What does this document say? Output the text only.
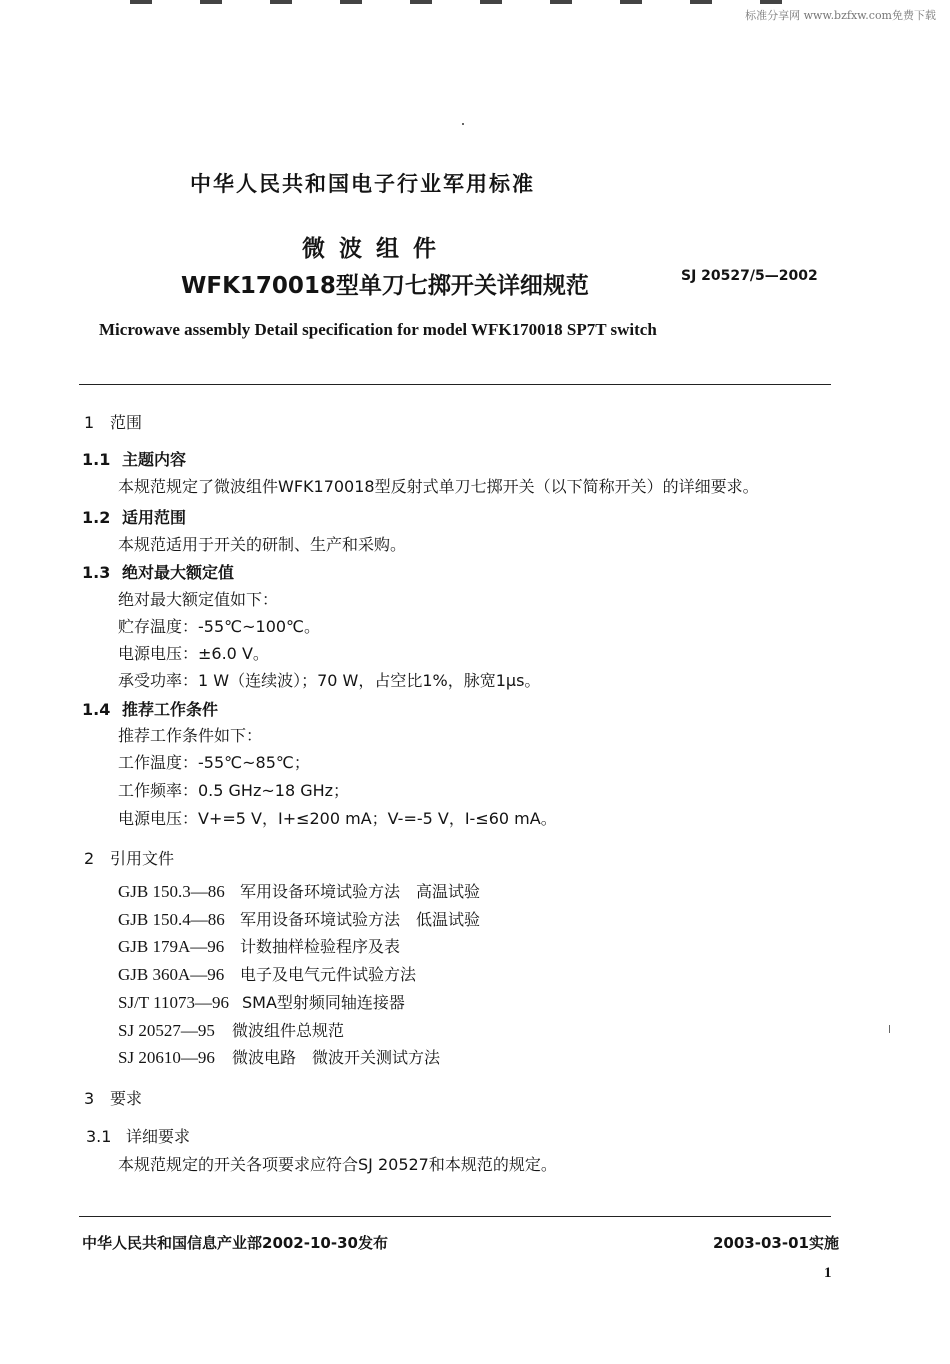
标准分享网 www.bzfxw.com免费下载
中华人民共和国电子行业军用标准
微波组件
WFK170018型单刀七掷开关详细规范	SJ 20527/5—2002
Microwave assembly Detail specification for model WFK170018 SP7T switch
1 范围
1.1 主题内容
本规范规定了微波组件WFK170018型反射式单刀七掷开关（以下简称开关）的详细要求。
1.2 适用范围
本规范适用于开关的研制、生产和采购。
1.3 绝对最大额定值
绝对最大额定值如下：
贮存温度：-55℃~100℃。
电源电压：±6.0 V。
承受功率：1 W（连续波）；70 W，占空比1%，脉宽1μs。
1.4 推荐工作条件
推荐工作条件如下：
工作温度：-55℃~85℃；
工作频率：0.5 GHz~18 GHz；
电源电压：V+=5 V，I+≤200 mA；V-=-5 V，I-≤60 mA。
2 引用文件
GJB 150.3—86 军用设备环境试验方法　高温试验
GJB 150.4—86 军用设备环境试验方法　低温试验
GJB 179A—96 计数抽样检验程序及表
GJB 360A—96 电子及电气元件试验方法
SJ/T 11073—96 SMA型射频同轴连接器
SJ 20527—95 微波组件总规范
SJ 20610—96 微波电路　微波开关测试方法
3 要求
3.1 详细要求
本规范规定的开关各项要求应符合SJ 20527和本规范的规定。
中华人民共和国信息产业部2002-10-30发布	2003-03-01实施
1
